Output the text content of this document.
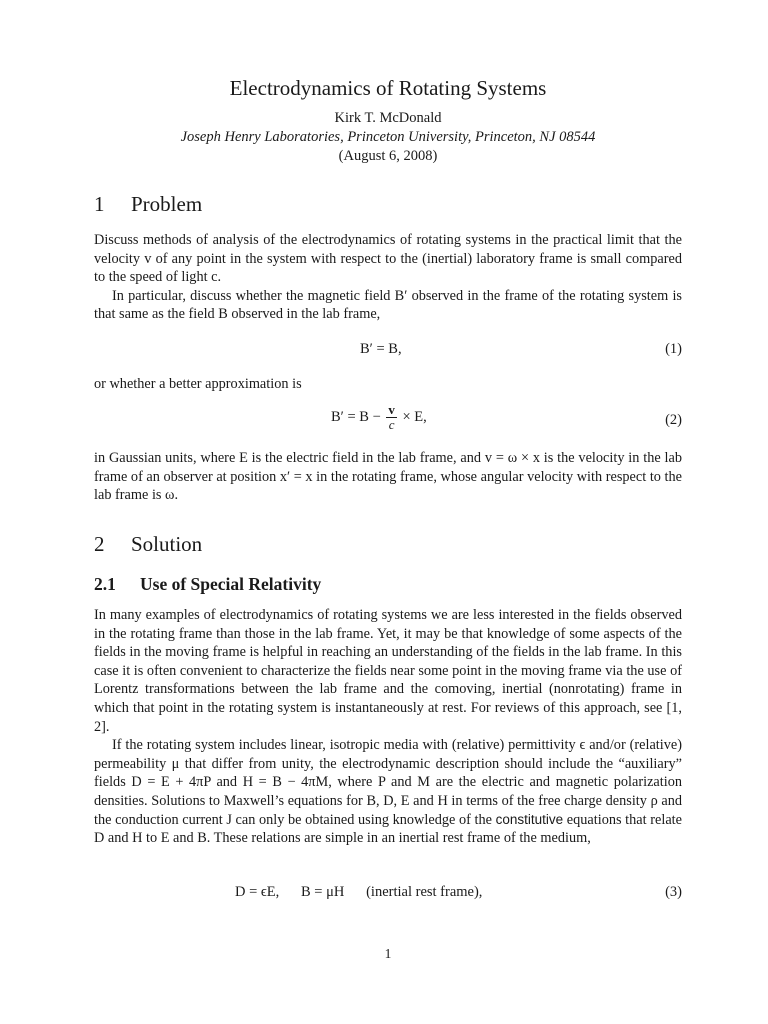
Electrodynamics of Rotating Systems
Kirk T. McDonald
Joseph Henry Laboratories, Princeton University, Princeton, NJ 08544
(August 6, 2008)
1 Problem

Discuss methods of analysis of the electrodynamics of rotating systems in the practical limit that the velocity v of any point in the system with respect to the (inertial) laboratory frame is small compared to the speed of light c.

In particular, discuss whether the magnetic field B′ observed in the frame of the rotating system is that same as the field B observed in the lab frame,

B′ = B,	(1)

or whether a better approximation is

$B' = B - \frac{v}{c} \times E$,	(2)

in Gaussian units, where E is the electric field in the lab frame, and v = ω × x is the velocity in the lab frame of an observer at position x′ = x in the rotating frame, whose angular velocity with respect to the lab frame is ω.

2 Solution
2.1 Use of Special Relativity

In many examples of electrodynamics of rotating systems we are less interested in the fields observed in the rotating frame than those in the lab frame. Yet, it may be that knowledge of some aspects of the fields in the moving frame is helpful in reaching an understanding of the fields in the lab frame. In this case it is often convenient to characterize the fields near some point in the moving frame via the use of Lorentz transformations between the lab frame and the comoving, inertial (nonrotating) frame in which that point in the rotating system is instantaneously at rest. For reviews of this approach, see [1, 2].

If the rotating system includes linear, isotropic media with (relative) permittivity ϵ and/or (relative) permeability μ that differ from unity, the electrodynamic description should include the “auxiliary” fields D = E + 4πP and H = B − 4πM, where P and M are the electric and magnetic polarization densities. Solutions to Maxwell’s equations for B, D, E and H in terms of the free charge density ρ and the conduction current J can only be obtained using knowledge of the constitutive equations that relate D and H to E and B. These relations are simple in an inertial rest frame of the medium,

D = ϵE,      B = μH      (inertial rest frame),	(3)
1
